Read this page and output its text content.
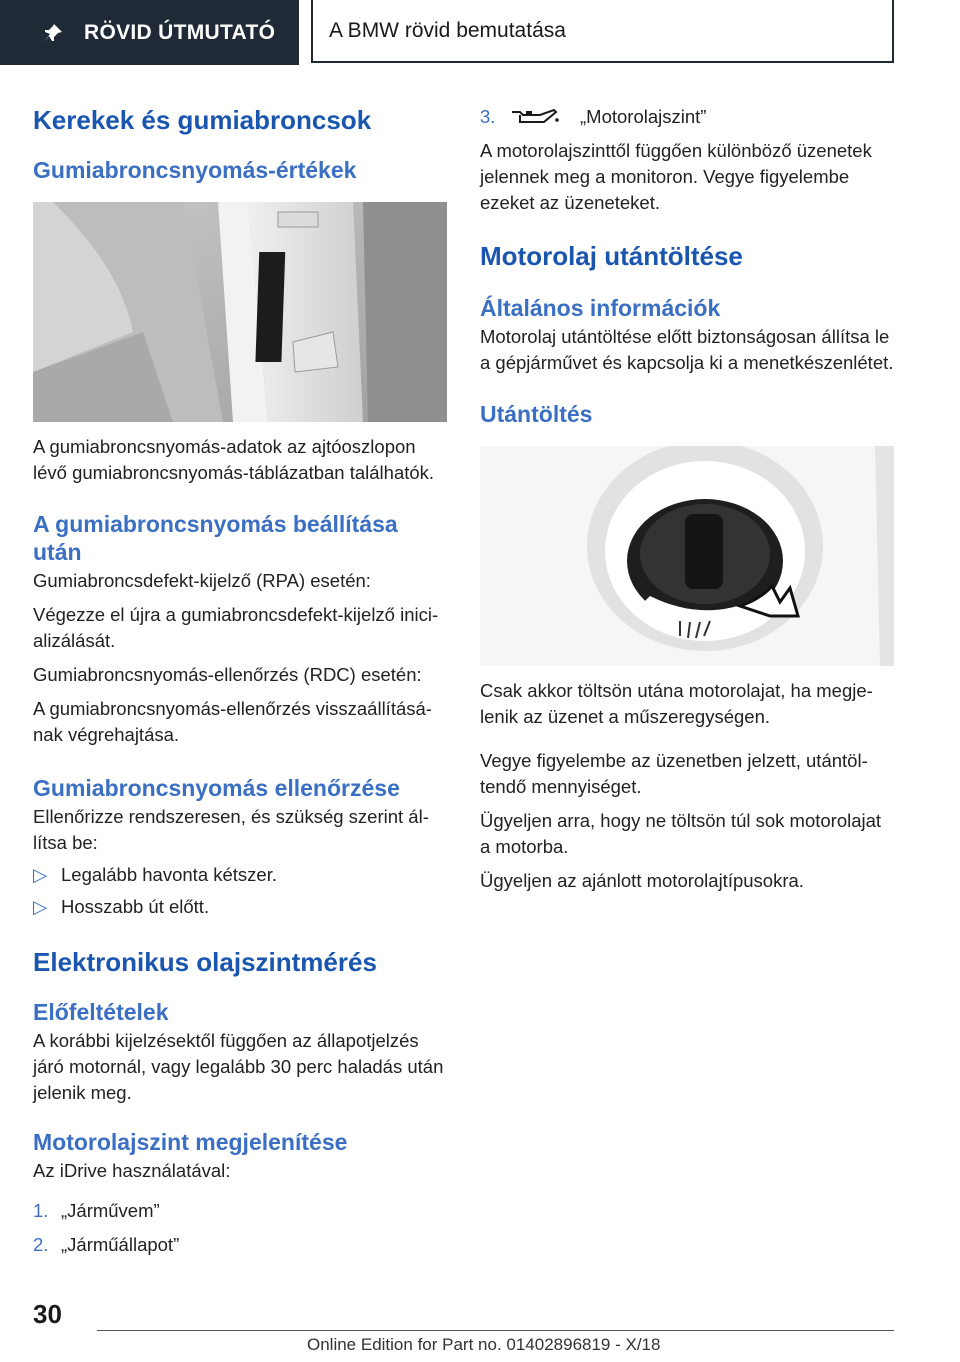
RÖVID ÚTMUTATÓ	A BMW rövid bemutatása
Kerekek és gumiabroncsok
Gumiabroncsnyomás-értékek

A gumiabroncsnyomás-adatok az ajtóoszlopon lévő gumiabroncsnyomás-táblázatban találhatók.

A gumiabroncsnyomás beállítása
után

Gumiabroncsdefekt-kijelző (RPA) esetén:

Végezze el újra a gumiabroncsdefekt-kijelző inicializálását.

Gumiabroncsnyomás-ellenőrzés (RDC) esetén:

A gumiabroncsnyomás-ellenőrzés visszaállításának végrehajtása.

Gumiabroncsnyomás ellenőrzése

Ellenőrizze rendszeresen, és szükség szerint állítsa be:

▷ Legalább havonta kétszer.
▷ Hosszabb út előtt.
Elektronikus olajszintmérés
Előfeltételek

A korábbi kijelzésektől függően az állapotjelzés járó motornál, vagy legalább 30 perc haladás után jelenik meg.

Motorolajszint megjelenítése

Az iDrive használatával:

1. „Járművem”
2. „Járműállapot”
3.	„Motorolajszint”

A motorolajszinttől függően különböző üzenetek jelennek meg a monitoron. Vegye figyelembe ezeket az üzeneteket.

Motorolaj utántöltése
Általános információk

Motorolaj utántöltése előtt biztonságosan állítsa le a gépjárművet és kapcsolja ki a menetkészenlétet.

Utántöltés

Csak akkor töltsön utána motorolajat, ha megjelenik az üzenet a műszeregységen.

Vegye figyelembe az üzenetben jelzett, utántöltendő mennyiséget.

Ügyeljen arra, hogy ne töltsön túl sok motorolajat a motorba.

Ügyeljen az ajánlott motorolajtípusokra.

30
Online Edition for Part no. 01402896819 - X/18
